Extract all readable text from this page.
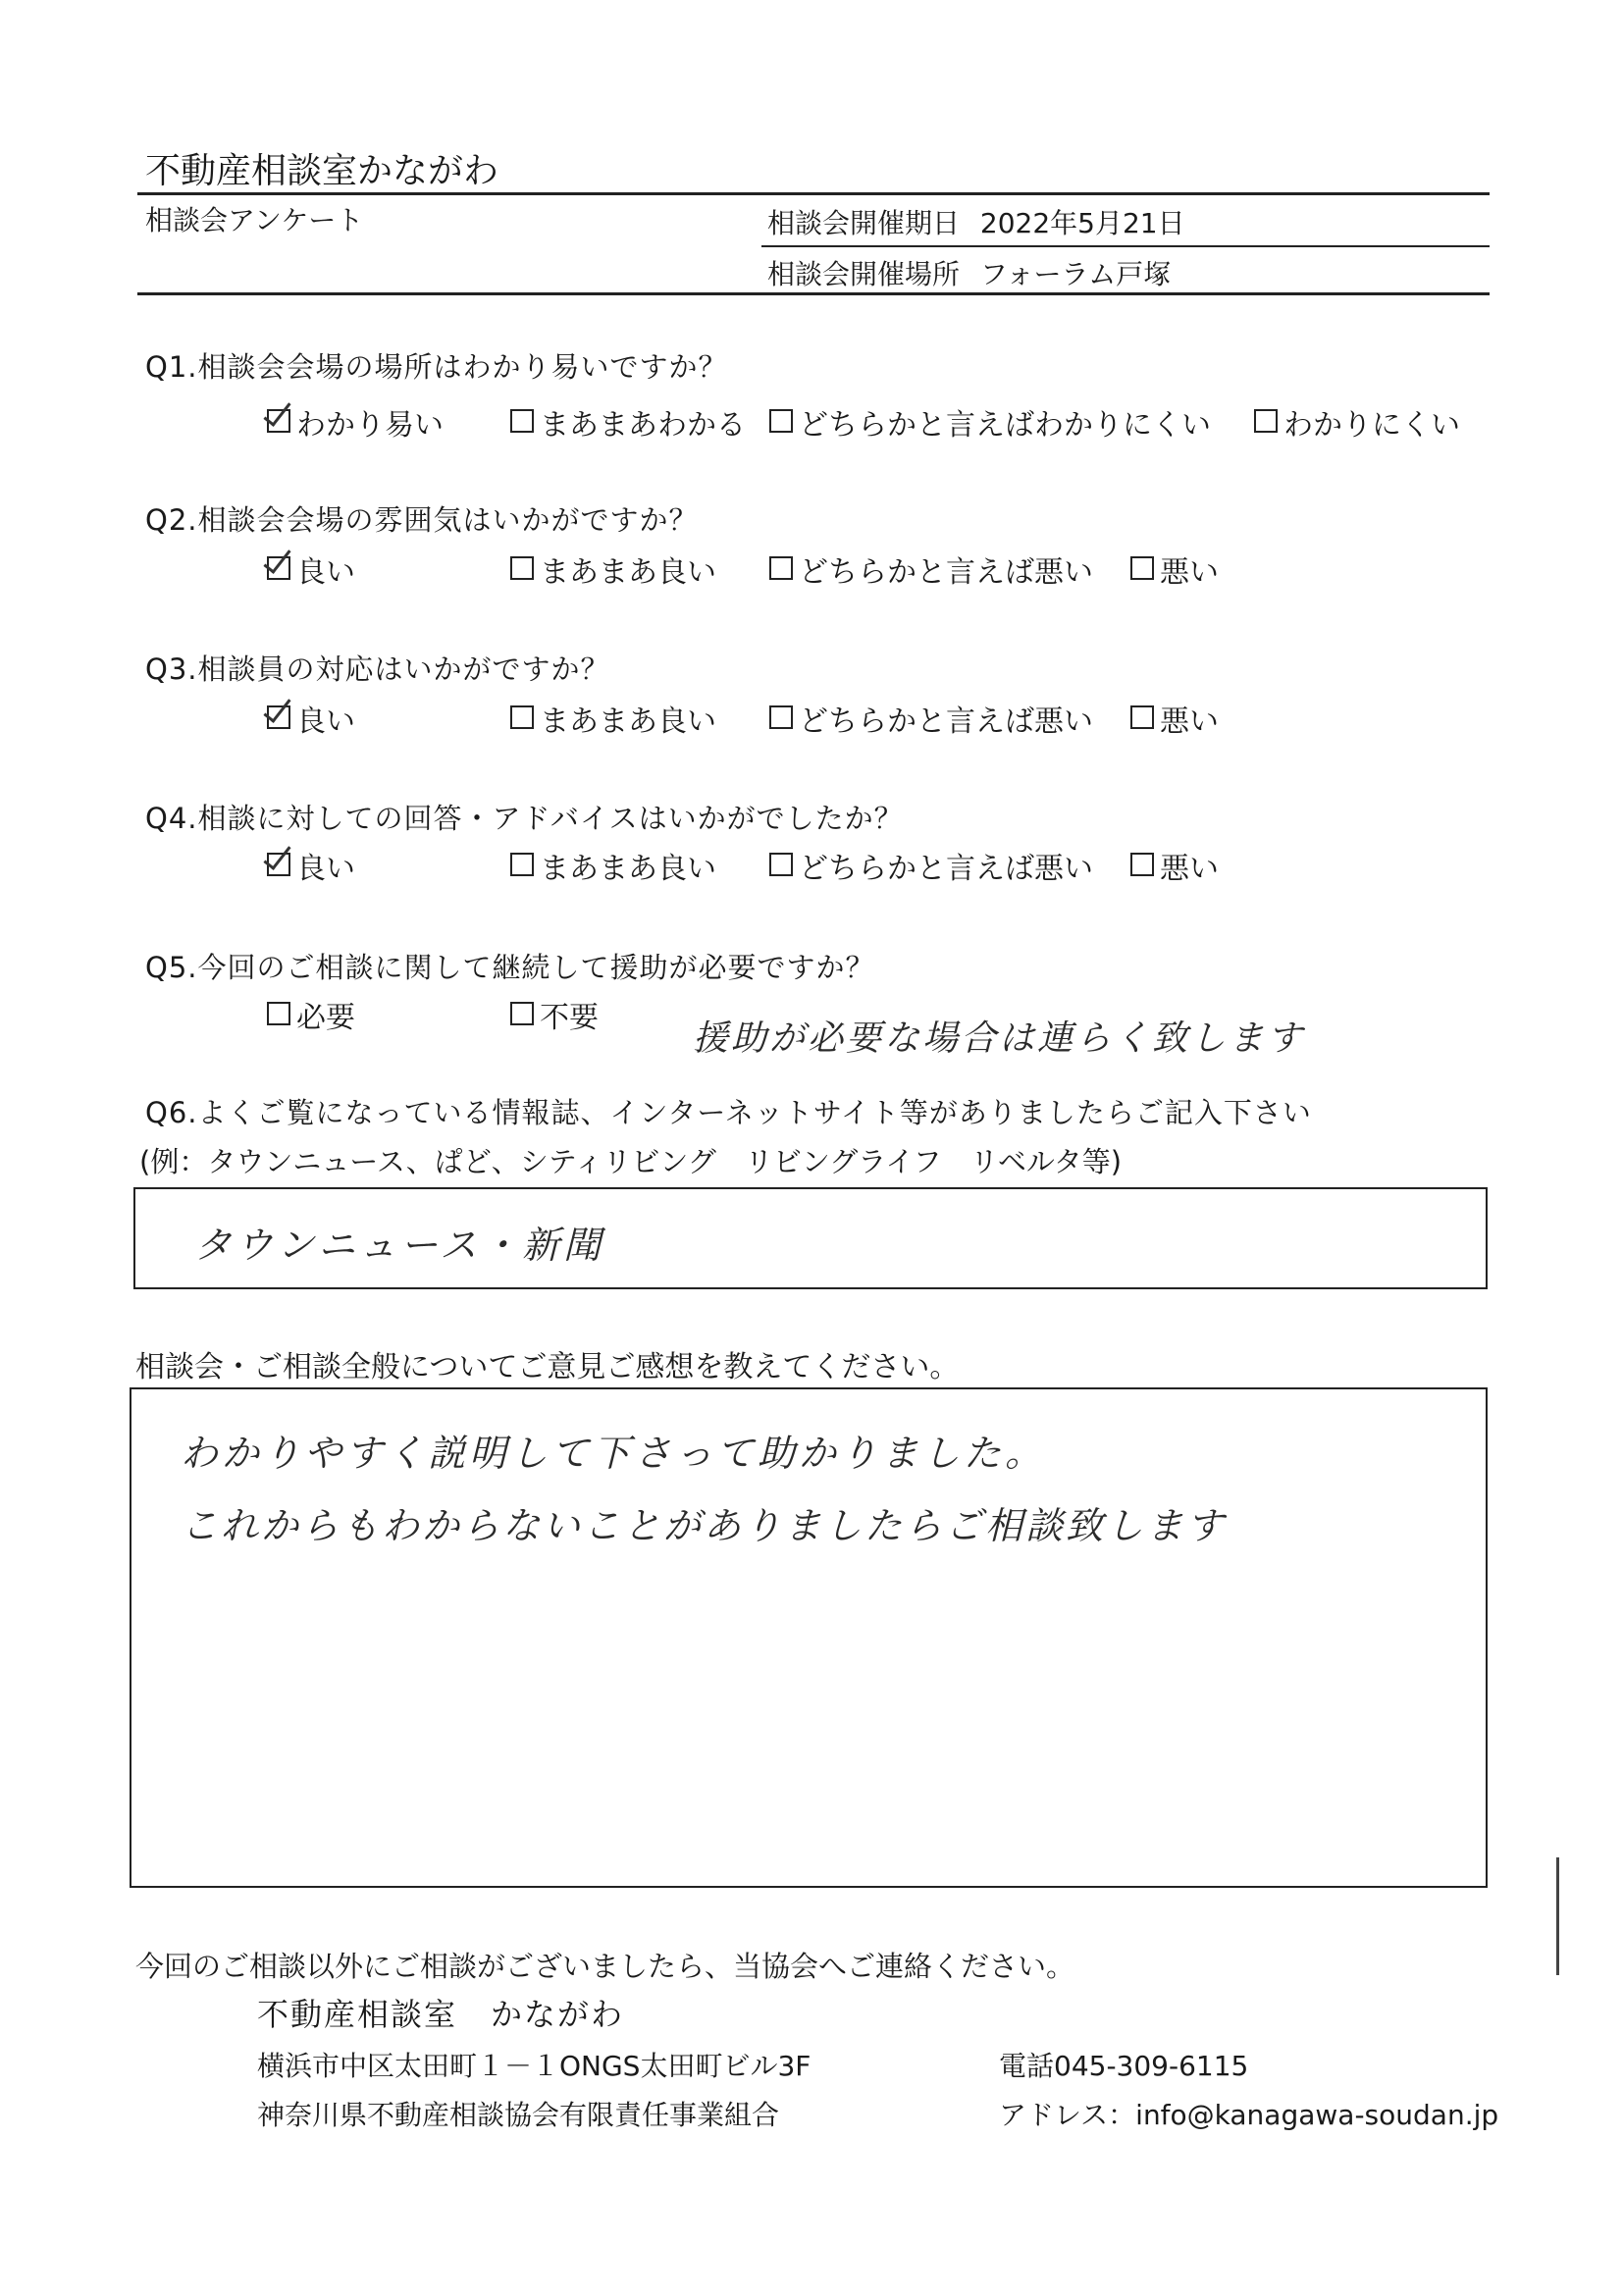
不動産相談室かながわ
相談会アンケート	相談会開催期日 2022年5月21日
相談会開催場所 フォーラム戸塚
Q1.相談会会場の場所はわかり易いですか？
わかり易い	まあまあわかる どちらかと言えばわかりにくい わかりにくい
Q2.相談会会場の雰囲気はいかがですか？
良い	まあまあ良い	どちらかと言えば悪い 悪い
Q3.相談員の対応はいかがですか？
良い	まあまあ良い	どちらかと言えば悪い 悪い
Q4.相談に対しての回答・アドバイスはいかがでしたか？
良い	まあまあ良い	どちらかと言えば悪い 悪い
Q5.今回のご相談に関して継続して援助が必要ですか？
必要	不要
援助が必要な場合は連らく致します
Q6.よくご覧になっている情報誌、インターネットサイト等がありましたらご記入下さい
(例：タウンニュース、ぱど、シティリビング　リビングライフ　リベルタ等)
タウンニュース・新聞
相談会・ご相談全般についてご意見ご感想を教えてください。
わかりやすく説明して下さって助かりました。
これからもわからないことがありましたらご相談致します
今回のご相談以外にご相談がございましたら、当協会へご連絡ください。
不動産相談室　かながわ
横浜市中区太田町１－１ONGS太田町ビル3F	電話045-309-6115
神奈川県不動産相談協会有限責任事業組合	アドレス：info@kanagawa-soudan.jp
